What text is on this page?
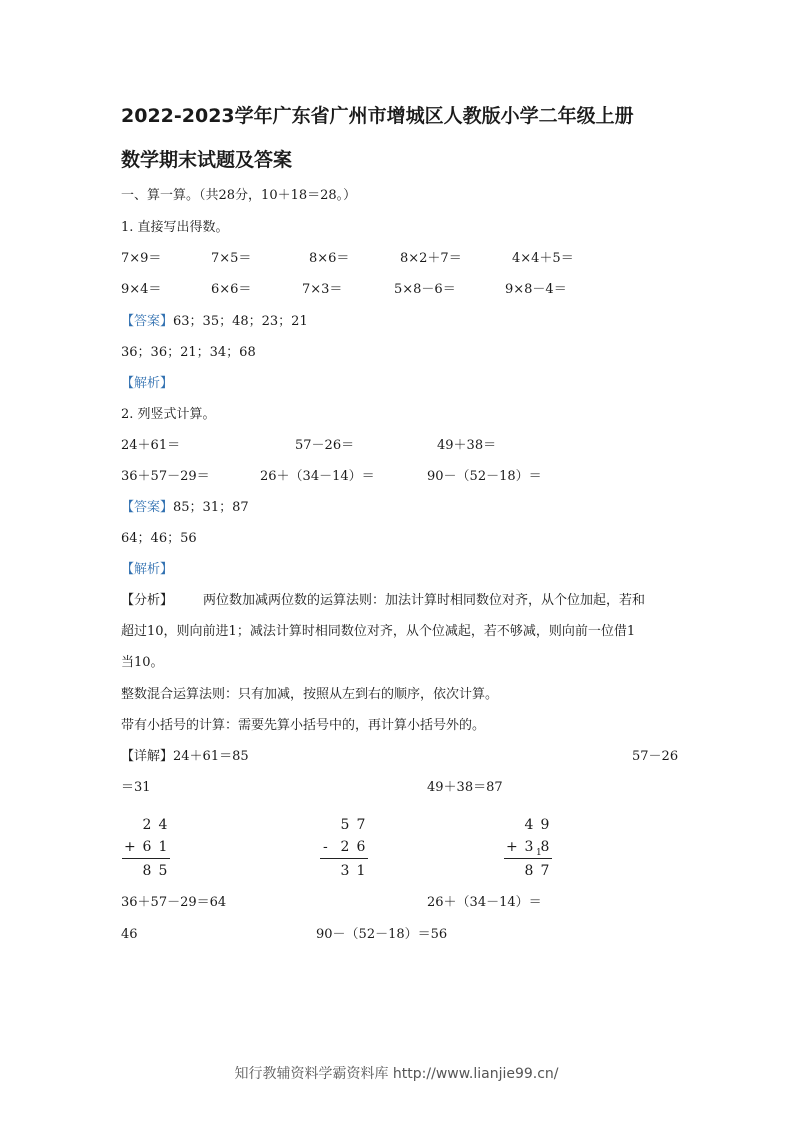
2022-2023学年广东省广州市增城区人教版小学二年级上册
数学期末试题及答案
一、算一算。（共28分，10＋18＝28。）
1. 直接写出得数。
7×9＝	7×5＝	8×6＝	8×2＋7＝	4×4＋5＝
9×4＝	6×6＝	7×3＝	5×8－6＝	9×8－4＝
【答案】63；35；48；23；21
36；36；21；34；68
【解析】
2. 列竖式计算。
24＋61＝	57－26＝	49＋38＝
36＋57－29＝	26＋（34－14）＝	90－（52－18）＝
【答案】85；31；87
64；46；56
【解析】
【分析】 两位数加减两位数的运算法则：加法计算时相同数位对齐，从个位加起，若和
超过10，则向前进1；减法计算时相同数位对齐，从个位减起，若不够减，则向前一位借1
当10。
整数混合运算法则：只有加减，按照从左到右的顺序，依次计算。
带有小括号的计算：需要先算小括号中的，再计算小括号外的。
【详解】24＋61＝85	57－26
＝31	49＋38＝87
2 4
+ 6 1
8 5
5 7
- 2 6
3 1
4 9
+ 3 8
1
8 7
36＋57－29＝64	26＋（34－14）＝
46	90－（52－18）＝56
知行教辅资料学霸资料库 http://www.lianjie99.cn/
